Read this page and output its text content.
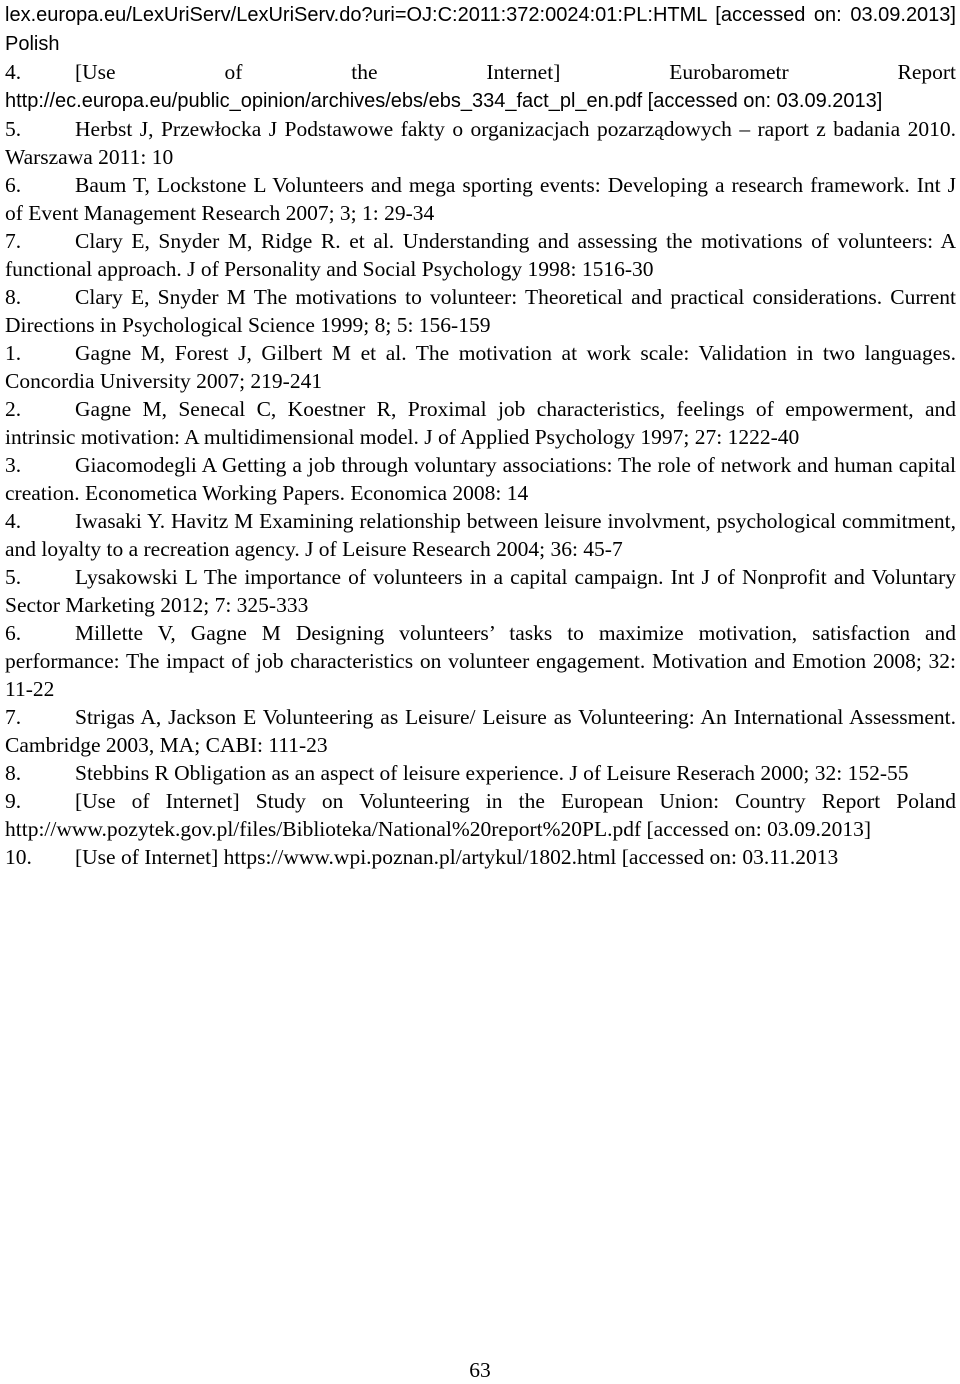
lex.europa.eu/LexUriServ/LexUriServ.do?uri=OJ:C:2011:372:0024:01:PL:HTML [accessed on: 03.09.2013] Polish

4.	[Use of the Internet] Eurobarometr Report http://ec.europa.eu/public_opinion/archives/ebs/ebs_334_fact_pl_en.pdf [accessed on: 03.09.2013]

5.	Herbst J, Przewłocka J Podstawowe fakty o organizacjach pozarządowych – raport z badania 2010. Warszawa 2011: 10

6.	Baum T, Lockstone L Volunteers and mega sporting events: Developing a research framework. Int J of Event Management Research 2007; 3; 1: 29-34

7.	Clary E, Snyder M, Ridge R. et al. Understanding and assessing the motivations of volunteers: A functional approach. J of Personality and Social Psychology 1998: 1516-30

8.	Clary E, Snyder M The motivations to volunteer: Theoretical and practical considerations. Current Directions in Psychological Science 1999; 8; 5: 156-159

1.	Gagne M, Forest J, Gilbert M et al. The motivation at work scale: Validation in two languages. Concordia University 2007; 219-241

2.	Gagne M, Senecal C, Koestner R, Proximal job characteristics, feelings of empowerment, and intrinsic motivation: A multidimensional model. J of Applied Psychology 1997; 27: 1222-40

3.	Giacomodegli A Getting a job through voluntary associations: The role of network and human capital creation. Econometica Working Papers. Economica 2008: 14

4.	Iwasaki Y. Havitz M Examining relationship between leisure involvment, psychological commitment, and loyalty to a recreation agency. J of Leisure Research 2004; 36: 45-7

5.	Lysakowski L The importance of volunteers in a capital campaign. Int J of Nonprofit and Voluntary Sector Marketing 2012; 7: 325-333

6.	Millette V, Gagne M Designing volunteers’ tasks to maximize motivation, satisfaction and performance: The impact of job characteristics on volunteer engagement. Motivation and Emotion 2008; 32: 11-22

7.	Strigas A, Jackson E Volunteering as Leisure/ Leisure as Volunteering: An International Assessment. Cambridge 2003, MA; CABI: 111-23

8.	Stebbins R Obligation as an aspect of leisure experience. J of Leisure Reserach 2000; 32: 152-55

9.	[Use of Internet] Study on Volunteering in the European Union: Country Report Poland http://www.pozytek.gov.pl/files/Biblioteka/National%20report%20PL.pdf [accessed on: 03.09.2013]

10. [Use of Internet] https://www.wpi.poznan.pl/artykul/1802.html [accessed on: 03.11.2013

63
